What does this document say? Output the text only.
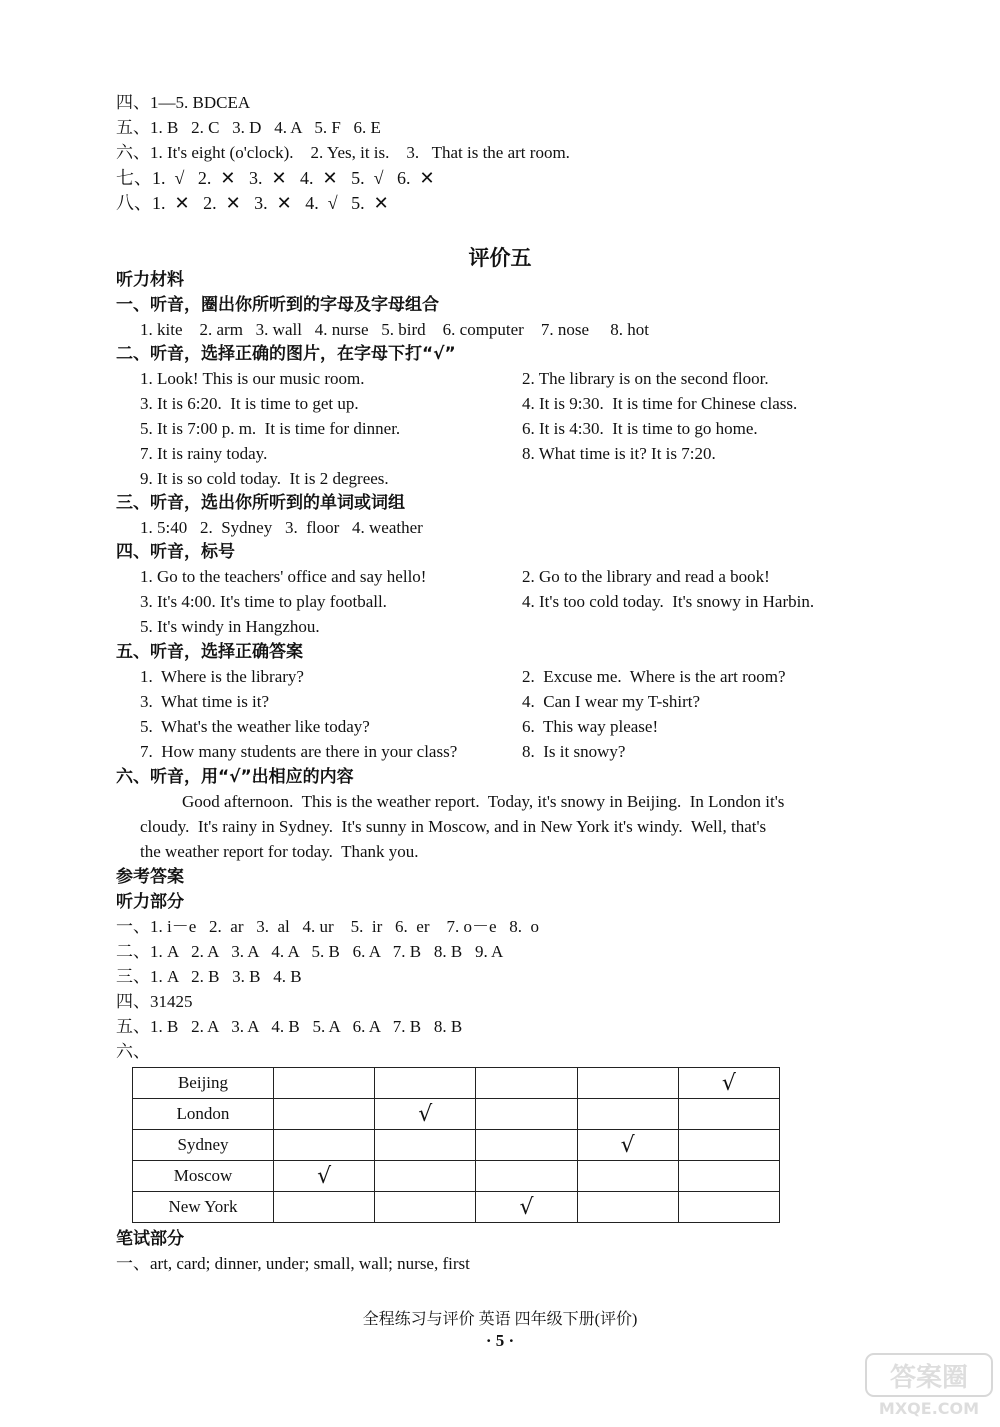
四、1—5. BDCEA
五、1. B   2. C   3. D   4. A   5. F   6. E
六、1. It's eight (o'clock).    2. Yes, it is.    3.   That is the art room.
七、1.  √   2.  ✕   3.  ✕   4.  ✕   5.  √   6.  ✕
八、1.  ✕   2.  ✕   3.  ✕   4.  √   5.  ✕
评价五
听力材料
一、听音，圈出你所听到的字母及字母组合
1. kite    2. arm   3. wall   4. nurse   5. bird    6. computer    7. nose     8. hot
二、听音，选择正确的图片，在字母下打“√”
1. Look! This is our music room.
3. It is 6:20.  It is time to get up.
5. It is 7:00 p. m.  It is time for dinner.
7. It is rainy today.
9. It is so cold today.  It is 2 degrees.
2. The library is on the second floor.
4. It is 9:30.  It is time for Chinese class.
6. It is 4:30.  It is time to go home.
8. What time is it? It is 7:20.
三、听音，选出你所听到的单词或词组
1. 5:40   2.  Sydney   3.  floor   4. weather
四、听音，标号
1. Go to the teachers' office and say hello!
3. It's 4:00. It's time to play football.
5. It's windy in Hangzhou.
2. Go to the library and read a book!
4. It's too cold today.  It's snowy in Harbin.
五、听音，选择正确答案
1.  Where is the library?
3.  What time is it?
5.  What's the weather like today?
7.  How many students are there in your class?
2.  Excuse me.  Where is the art room?
4.  Can I wear my T-shirt?
6.  This way please!
8.  Is it snowy?
六、听音，用“√”出相应的内容
Good afternoon.  This is the weather report.  Today, it's snowy in Beijing.  In London it's
cloudy.  It's rainy in Sydney.  It's sunny in Moscow, and in New York it's windy.  Well, that's
the weather report for today.  Thank you.
参考答案
听力部分
一、1. i－e   2.  ar   3.  al   4. ur    5.  ir   6.  er    7. o－e   8.  o
二、1. A   2. A   3. A   4. A   5. B   6. A   7. B   8. B   9. A
三、1. A   2. B   3. B   4. B
四、31425
五、1. B   2. A   3. A   4. B   5. A   6. A   7. B   8. B
六、
Beijing					√
London		√			
Sydney				√	
Moscow	√				
New York			√		
笔试部分
一、art, card; dinner, under; small, wall; nurse, first
全程练习与评价 英语 四年级下册(评价)
· 5 ·
答案圈
MXQE.COM
